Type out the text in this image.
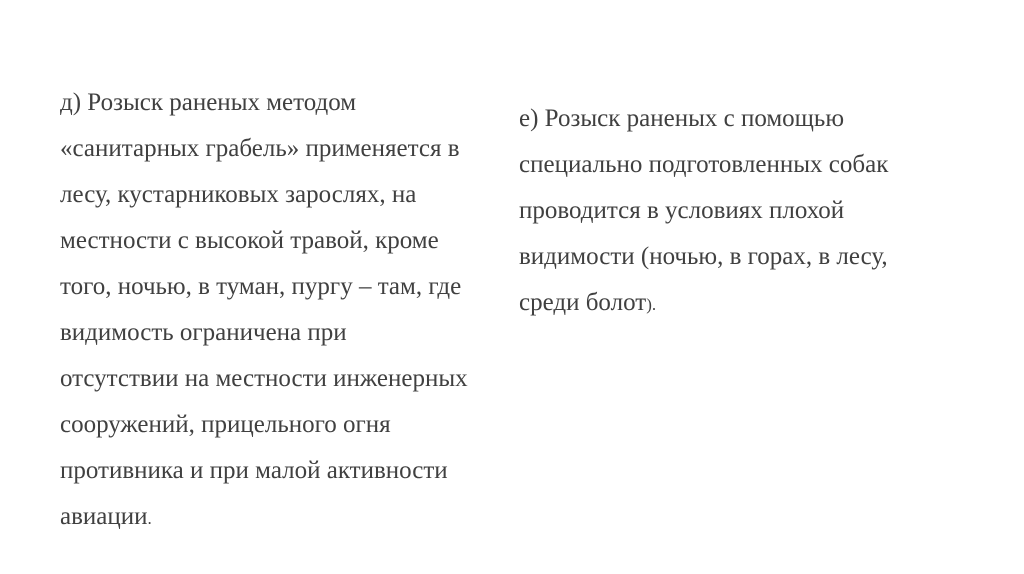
д) Розыск раненых методом
«санитарных грабель» применяется в
лесу, кустарниковых зарослях, на
местности с высокой травой, кроме
того, ночью, в туман, пургу – там, где
видимость ограничена при
отсутствии на местности инженерных
сооружений, прицельного огня
противника и при малой активности
авиации.

е) Розыск раненых с помощью
специально подготовленных собак
проводится в условиях плохой
видимости (ночью, в горах, в лесу,
среди болот).
